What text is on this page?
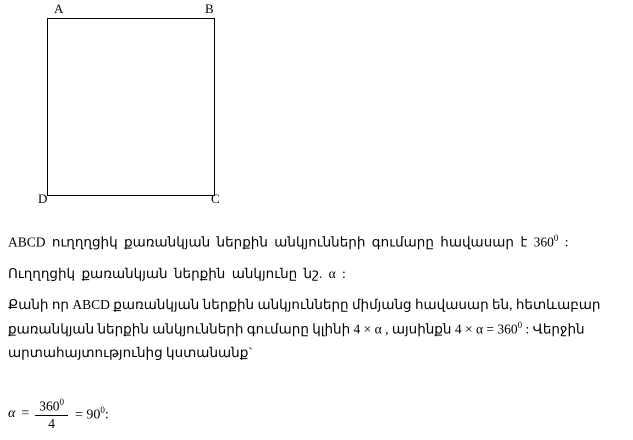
A	B
D	C

ABCD ուղղղցիկ քառանկյան ներքին անկյունների գումարը հավասար է $360^0$ :

Ուղղղցիկ քառանկյան ներքին անկյունը նշ. α :

Քանի որ ABCD քառանկյան ներքին անկյունները միմյանց հավասար են, հետևաբար

քառանկյան ներքին անկյունների գումարը կլինի 4 × α , այսինքն $4 \times \alpha = 360^0$ : Վերջին

արտահայտությունից կստանանք`

$\alpha = \frac{360^0}{4} = 90^0$:
